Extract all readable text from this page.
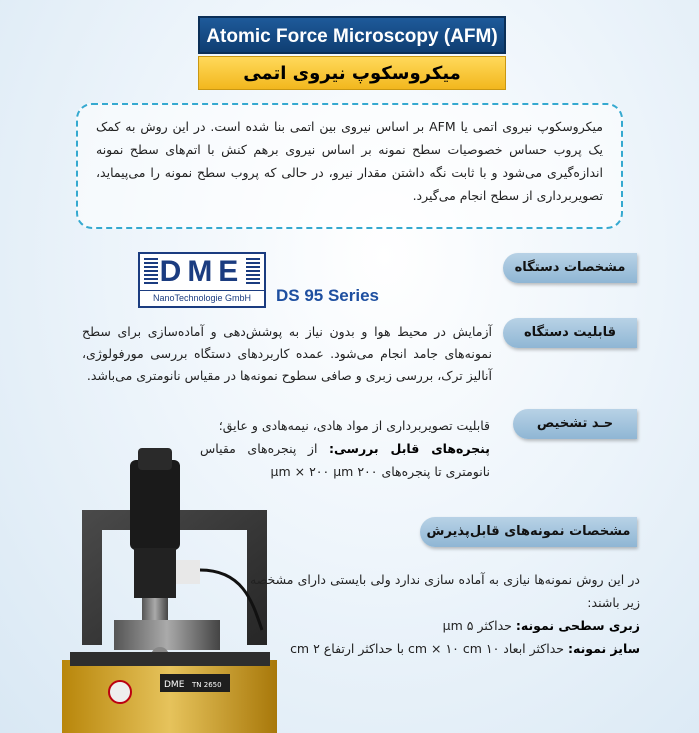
Atomic Force Microscopy (AFM)
میکروسکوپ نیروی اتمی
میکروسکوپ نیروی اتمی یا AFM بر اساس نیروی بین اتمی بنا شده است. در این روش به کمک یک پروب حساس خصوصیات سطح نمونه بر اساس نیروی برهم کنش با اتم‌های سطح نمونه اندازه‌گیری می‌شود و با ثابت نگه داشتن مقدار نیرو، در حالی که پروب سطح نمونه را می‌پیماید، تصویربرداری از سطح انجام می‌گیرد.
مشخصات دستگاه
DME
NanoTechnologie GmbH	DS 95 Series
قابلیت دستگاه
آزمایش در محیط هوا و بدون نیاز به پوشش‌دهی و آماده‌سازی برای سطح نمونه‌های جامد انجام می‌شود. عمده کاربردهای دستگاه بررسی مورفولوژی، آنالیز ترک، بررسی زبری و صافی سطوح نمونه‌ها در مقیاس نانومتری می‌باشد.
حـد تشخیص
قابلیت تصویربرداری از مواد هادی، نیمه‌هادی و عایق؛
پنجره‌های قابل بررسی: از پنجره‌های مقیاس نانومتری تا پنجره‌های ۲۰۰ µm × ۲۰۰ µm
DME TN 2650
مشخصات نمونه‌های قابل‌پذیرش
در این روش نمونه‌ها نیازی به آماده سازی ندارد ولی بایستی دارای مشخصه زیر باشند:
زبری سطحی نمونه: حداکثر ۵ µm
سایز نمونه: حداکثر ابعاد ۱۰ cm × ۱۰ cm با حداکثر ارتفاع ۲ cm
